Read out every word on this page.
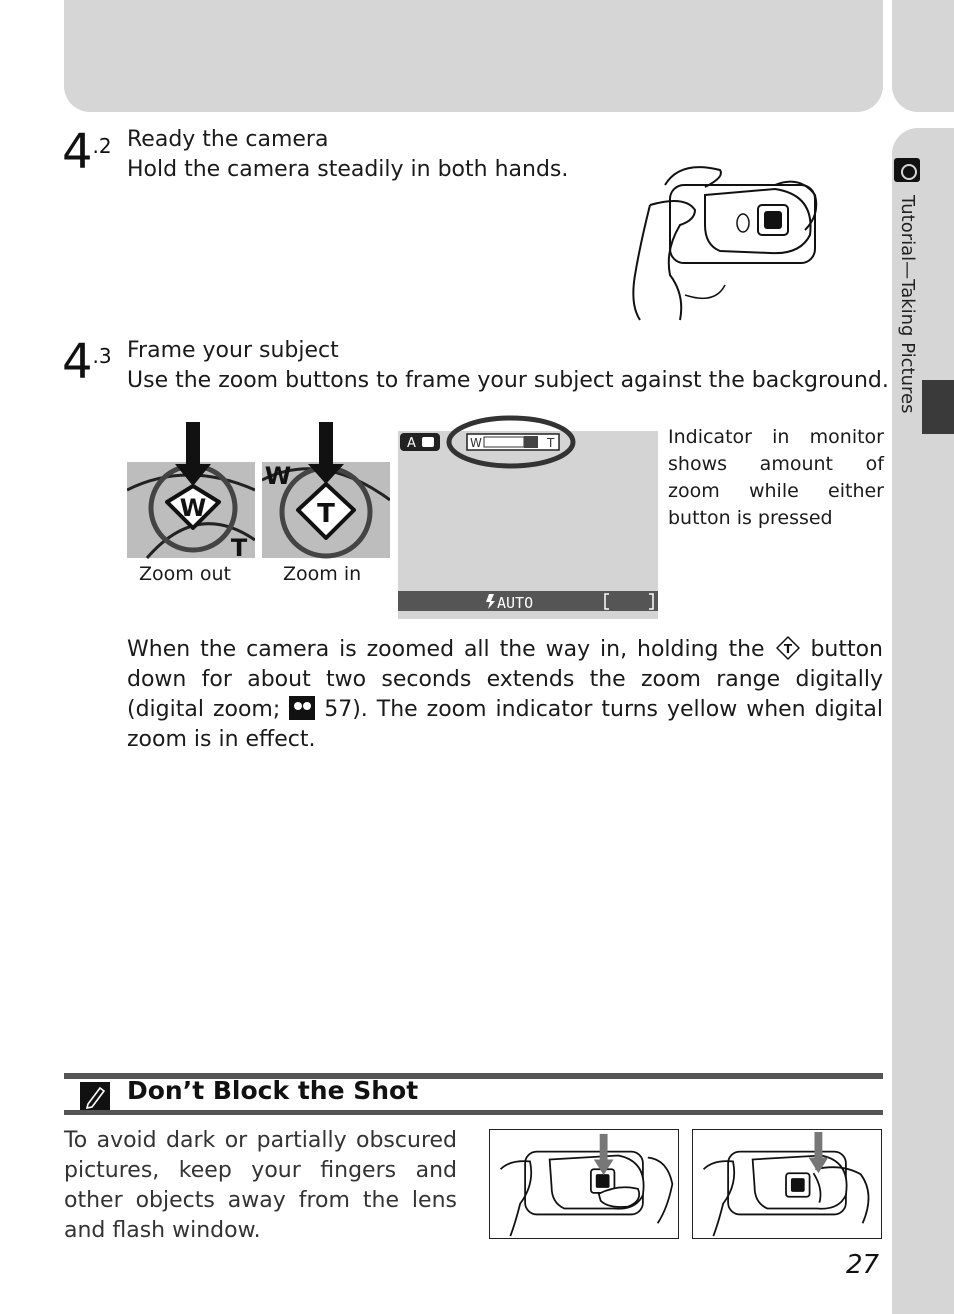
Tutorial—Taking Pictures
4.2 Ready the camera
Hold the camera steadily in both hands.
4.3 Frame your subject
Use the zoom buttons to frame your subject against the background.
W
T
Zoom out
T
W
Zoom in
A	W	T
AUTO
Indicator in monitor shows amount of zoom while either button is pressed
When the camera is zoomed all the way in, holding the T button down for about two seconds extends the zoom range digitally (digital zoom; 57). The zoom indicator turns yellow when digital zoom is in effect.
Don’t Block the Shot
To avoid dark or partially obscured pictures, keep your fingers and other objects away from the lens and flash window.
27
